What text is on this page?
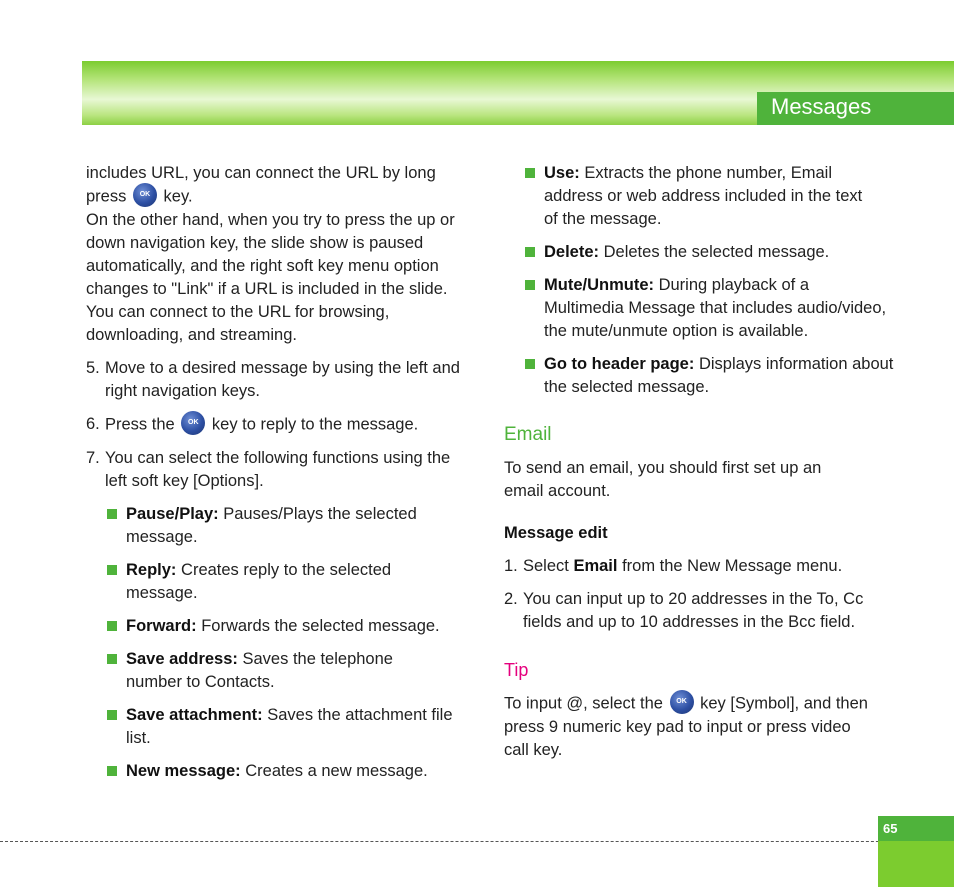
Messages

includes URL, you can connect the URL by long
press OK key.

On the other hand, when you try to press the up or down navigation key, the slide show is paused automatically, and the right soft key menu option changes to "Link" if a URL is included in the slide. You can connect to the URL for browsing, downloading, and streaming.

5. Move to a desired message by using the left and right navigation keys.
6. Press the OK key to reply to the message.
7. You can select the following functions using the left soft key [Options].
Pause/Play: Pauses/Plays the selected message.
Reply: Creates reply to the selected message.
Forward: Forwards the selected message.
Save address: Saves the telephone number to Contacts.
Save attachment: Saves the attachment file list.
New message: Creates a new message.
Use: Extracts the phone number, Email address or web address included in the text of the message.
Delete: Deletes the selected message.
Mute/Unmute: During playback of a Multimedia Message that includes audio/video, the mute/unmute option is available.
Go to header page: Displays information about the selected message.
Email

To send an email, you should first set up an email account.

Message edit
1. Select Email from the New Message menu.
2. You can input up to 20 addresses in the To, Cc fields and up to 10 addresses in the Bcc field.
Tip

To input @, select the OK key [Symbol], and then press 9 numeric key pad to input or press video call key.

65
